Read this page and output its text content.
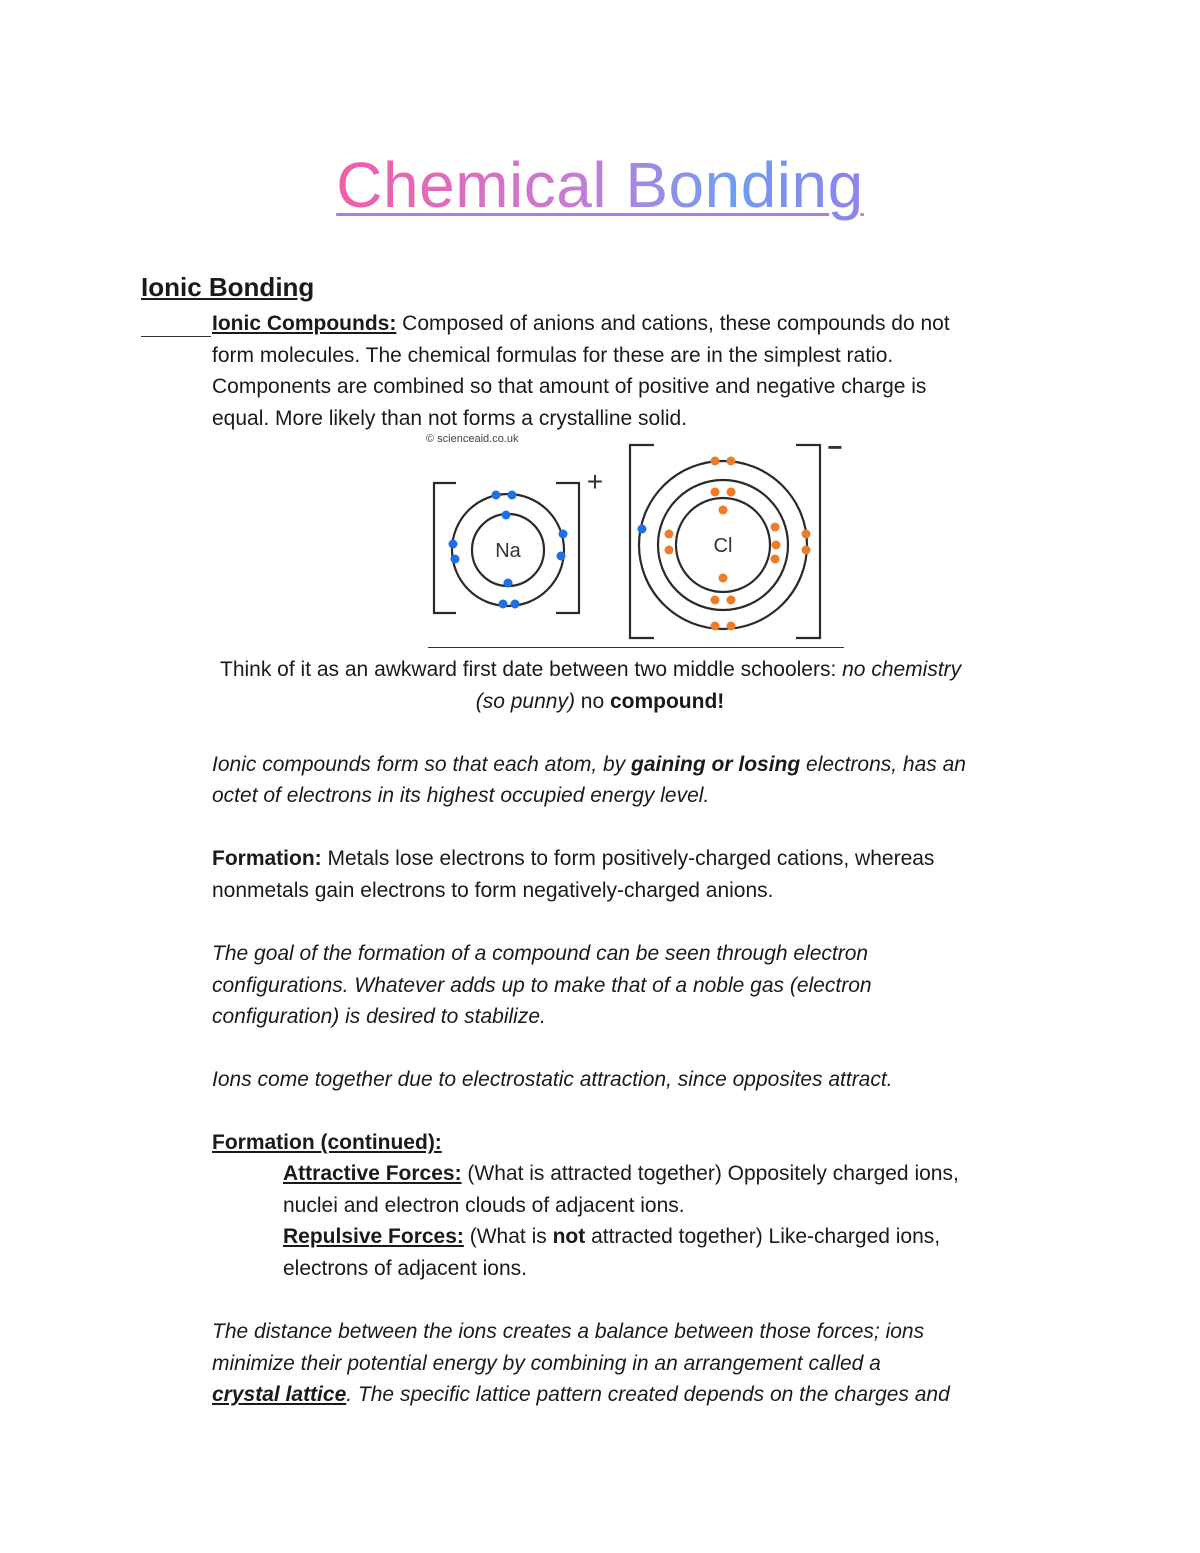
Chemical Bonding
Ionic Bonding

Ionic Compounds: Composed of anions and cations, these compounds do not

form molecules. The chemical formulas for these are in the simplest ratio.

Components are combined so that amount of positive and negative charge is

equal. More likely than not forms a crystalline solid.

© scienceaid.co.uk
Na
+
Cl
−

Think of it as an awkward first date between two middle schoolers: no chemistry

(so punny) no compound!

Ionic compounds form so that each atom, by gaining or losing electrons, has an

octet of electrons in its highest occupied energy level.

Formation: Metals lose electrons to form positively-charged cations, whereas

nonmetals gain electrons to form negatively-charged anions.

The goal of the formation of a compound can be seen through electron

configurations. Whatever adds up to make that of a noble gas (electron

configuration) is desired to stabilize.

Ions come together due to electrostatic attraction, since opposites attract.

Formation (continued):

Attractive Forces: (What is attracted together) Oppositely charged ions,

nuclei and electron clouds of adjacent ions.

Repulsive Forces: (What is not attracted together) Like-charged ions,

electrons of adjacent ions.

The distance between the ions creates a balance between those forces; ions

minimize their potential energy by combining in an arrangement called a

crystal lattice. The specific lattice pattern created depends on the charges and
